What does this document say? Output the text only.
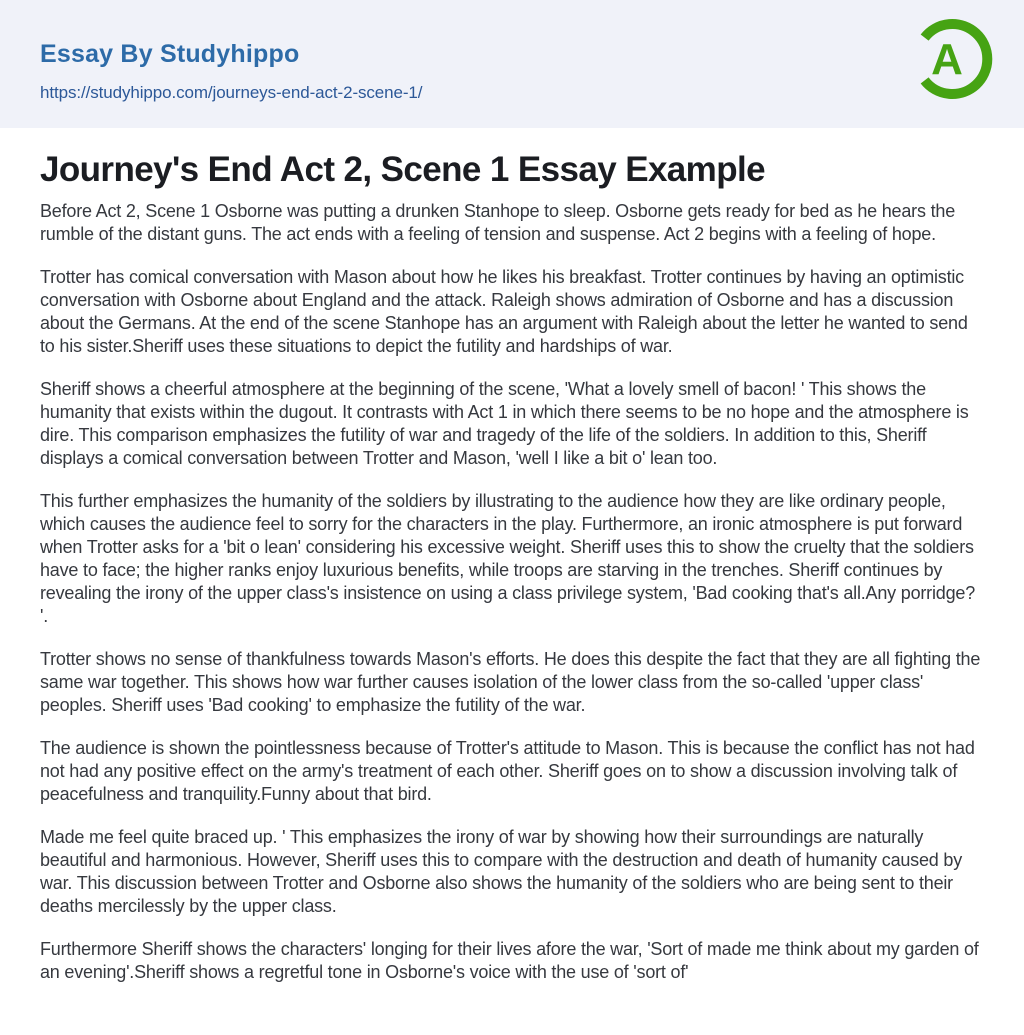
Essay By Studyhippo
https://studyhippo.com/journeys-end-act-2-scene-1/
A
Journey's End Act 2, Scene 1 Essay Example

Before Act 2, Scene 1 Osborne was putting a drunken Stanhope to sleep. Osborne gets ready for bed as he hears the rumble of the distant guns. The act ends with a feeling of tension and suspense. Act 2 begins with a feeling of hope.

Trotter has comical conversation with Mason about how he likes his breakfast. Trotter continues by having an optimistic conversation with Osborne about England and the attack. Raleigh shows admiration of Osborne and has a discussion about the Germans. At the end of the scene Stanhope has an argument with Raleigh about the letter he wanted to send to his sister.Sheriff uses these situations to depict the futility and hardships of war.

Sheriff shows a cheerful atmosphere at the beginning of the scene, 'What a lovely smell of bacon! ' This shows the humanity that exists within the dugout. It contrasts with Act 1 in which there seems to be no hope and the atmosphere is dire. This comparison emphasizes the futility of war and tragedy of the life of the soldiers. In addition to this, Sheriff displays a comical conversation between Trotter and Mason, 'well I like a bit o' lean too.

This further emphasizes the humanity of the soldiers by illustrating to the audience how they are like ordinary people, which causes the audience feel to sorry for the characters in the play. Furthermore, an ironic atmosphere is put forward when Trotter asks for a 'bit o lean' considering his excessive weight. Sheriff uses this to show the cruelty that the soldiers have to face; the higher ranks enjoy luxurious benefits, while troops are starving in the trenches. Sheriff continues by revealing the irony of the upper class's insistence on using a class privilege system, 'Bad cooking that's all.Any porridge? '.

Trotter shows no sense of thankfulness towards Mason's efforts. He does this despite the fact that they are all fighting the same war together. This shows how war further causes isolation of the lower class from the so-called 'upper class' peoples. Sheriff uses 'Bad cooking' to emphasize the futility of the war.

The audience is shown the pointlessness because of Trotter's attitude to Mason. This is because the conflict has not had not had any positive effect on the army's treatment of each other. Sheriff goes on to show a discussion involving talk of peacefulness and tranquility.Funny about that bird.

Made me feel quite braced up. ' This emphasizes the irony of war by showing how their surroundings are naturally beautiful and harmonious. However, Sheriff uses this to compare with the destruction and death of humanity caused by war. This discussion between Trotter and Osborne also shows the humanity of the soldiers who are being sent to their deaths mercilessly by the upper class.

Furthermore Sheriff shows the characters' longing for their lives afore the war, 'Sort of made me think about my garden of an evening'.Sheriff shows a regretful tone in Osborne's voice with the use of 'sort of'
